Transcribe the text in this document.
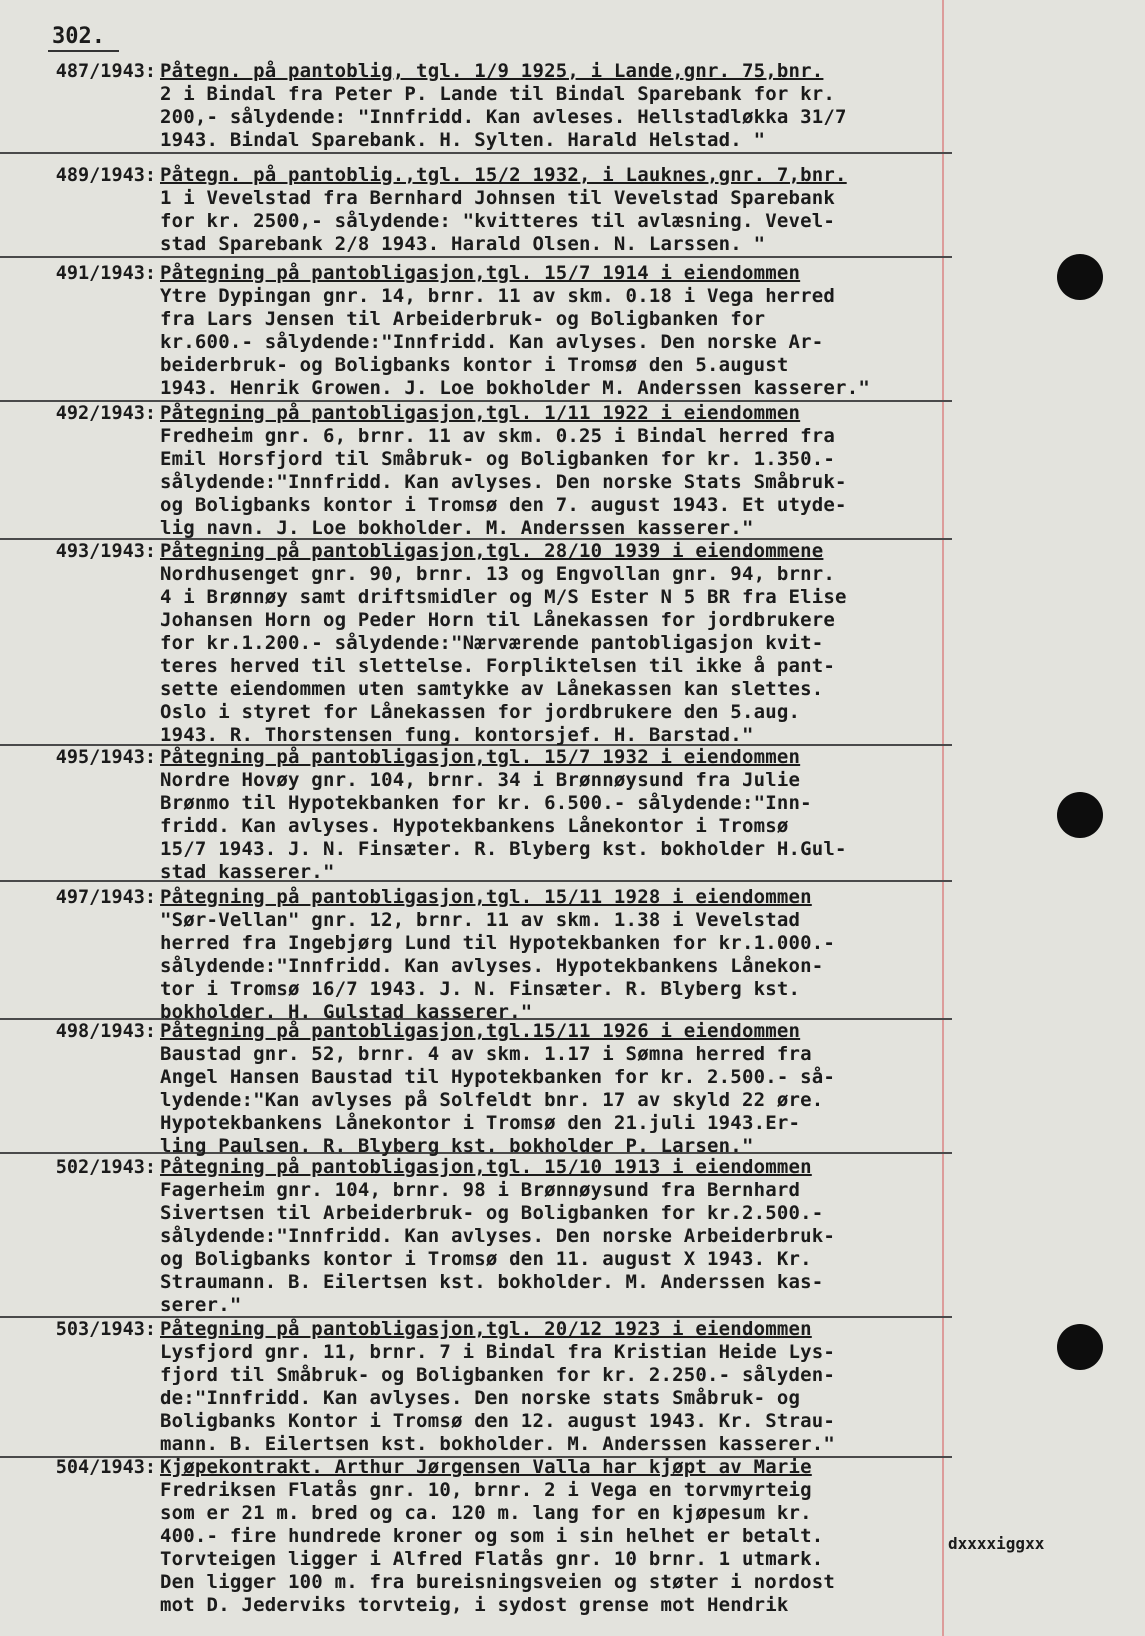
302.
487/1943: Påtegn. på pantoblig, tgl. 1/9 1925, i Lande,gnr. 75,bnr.
2 i Bindal fra Peter P. Lande til Bindal Sparebank for kr.
200,- sålydende: "Innfridd. Kan avleses. Hellstadløkka 31/7
1943. Bindal Sparebank. H. Sylten. Harald Helstad. "
489/1943: Påtegn. på pantoblig.,tgl. 15/2 1932, i Lauknes,gnr. 7,bnr.
1 i Vevelstad fra Bernhard Johnsen til Vevelstad Sparebank
for kr. 2500,- sålydende: "kvitteres til avlæsning. Vevel-
stad Sparebank 2/8 1943. Harald Olsen. N. Larssen. "
491/1943: Påtegning på pantobligasjon,tgl. 15/7 1914 i eiendommen
Ytre Dypingan gnr. 14, brnr. 11 av skm. 0.18 i Vega herred
fra Lars Jensen til Arbeiderbruk- og Boligbanken for
kr.600.- sålydende:"Innfridd. Kan avlyses. Den norske Ar-
beiderbruk- og Boligbanks kontor i Tromsø den 5.august
1943. Henrik Growen. J. Loe bokholder M. Anderssen kasserer."
492/1943: Påtegning på pantobligasjon,tgl. 1/11 1922 i eiendommen
Fredheim gnr. 6, brnr. 11 av skm. 0.25 i Bindal herred fra
Emil Horsfjord til Småbruk- og Boligbanken for kr. 1.350.-
sålydende:"Innfridd. Kan avlyses. Den norske Stats Småbruk-
og Boligbanks kontor i Tromsø den 7. august 1943. Et utyde-
lig navn. J. Loe bokholder. M. Anderssen kasserer."
493/1943: Påtegning på pantobligasjon,tgl. 28/10 1939 i eiendommene
Nordhusenget gnr. 90, brnr. 13 og Engvollan gnr. 94, brnr.
4 i Brønnøy samt driftsmidler og M/S Ester N 5 BR fra Elise
Johansen Horn og Peder Horn til Lånekassen for jordbrukere
for kr.1.200.- sålydende:"Nærværende pantobligasjon kvit-
teres herved til slettelse. Forpliktelsen til ikke å pant-
sette eiendommen uten samtykke av Lånekassen kan slettes.
Oslo i styret for Lånekassen for jordbrukere den 5.aug.
1943. R. Thorstensen fung. kontorsjef. H. Barstad."
495/1943: Påtegning på pantobligasjon,tgl. 15/7 1932 i eiendommen
Nordre Hovøy gnr. 104, brnr. 34 i Brønnøysund fra Julie
Brønmo til Hypotekbanken for kr. 6.500.- sålydende:"Inn-
fridd. Kan avlyses. Hypotekbankens Lånekontor i Tromsø
15/7 1943. J. N. Finsæter. R. Blyberg kst. bokholder H.Gul-
stad kasserer."
497/1943: Påtegning på pantobligasjon,tgl. 15/11 1928 i eiendommen
"Sør-Vellan" gnr. 12, brnr. 11 av skm. 1.38 i Vevelstad
herred fra Ingebjørg Lund til Hypotekbanken for kr.1.000.-
sålydende:"Innfridd. Kan avlyses. Hypotekbankens Lånekon-
tor i Tromsø 16/7 1943. J. N. Finsæter. R. Blyberg kst.
bokholder. H. Gulstad kasserer."
498/1943: Påtegning på pantobligasjon,tgl.15/11 1926 i eiendommen
Baustad gnr. 52, brnr. 4 av skm. 1.17 i Sømna herred fra
Angel Hansen Baustad til Hypotekbanken for kr. 2.500.- så-
lydende:"Kan avlyses på Solfeldt bnr. 17 av skyld 22 øre.
Hypotekbankens Lånekontor i Tromsø den 21.juli 1943.Er-
ling Paulsen. R. Blyberg kst. bokholder P. Larsen."
502/1943: Påtegning på pantobligasjon,tgl. 15/10 1913 i eiendommen
Fagerheim gnr. 104, brnr. 98 i Brønnøysund fra Bernhard
Sivertsen til Arbeiderbruk- og Boligbanken for kr.2.500.-
sålydende:"Innfridd. Kan avlyses. Den norske Arbeiderbruk-
og Boligbanks kontor i Tromsø den 11. august X 1943. Kr.
Straumann. B. Eilertsen kst. bokholder. M. Anderssen kas-
serer."
503/1943: Påtegning på pantobligasjon,tgl. 20/12 1923 i eiendommen
Lysfjord gnr. 11, brnr. 7 i Bindal fra Kristian Heide Lys-
fjord til Småbruk- og Boligbanken for kr. 2.250.- sålyden-
de:"Innfridd. Kan avlyses. Den norske stats Småbruk- og
Boligbanks Kontor i Tromsø den 12. august 1943. Kr. Strau-
mann. B. Eilertsen kst. bokholder. M. Anderssen kasserer."
504/1943: Kjøpekontrakt. Arthur Jørgensen Valla har kjøpt av Marie
Fredriksen Flatås gnr. 10, brnr. 2 i Vega en torvmyrteig
som er 21 m. bred og ca. 120 m. lang for en kjøpesum kr.
400.- fire hundrede kroner og som i sin helhet er betalt.
Torvteigen ligger i Alfred Flatås gnr. 10 brnr. 1 utmark.
Den ligger 100 m. fra bureisningsveien og støter i nordost
mot D. Jederviks torvteig, i sydost grense mot Hendrik
dxxxxiggxx
